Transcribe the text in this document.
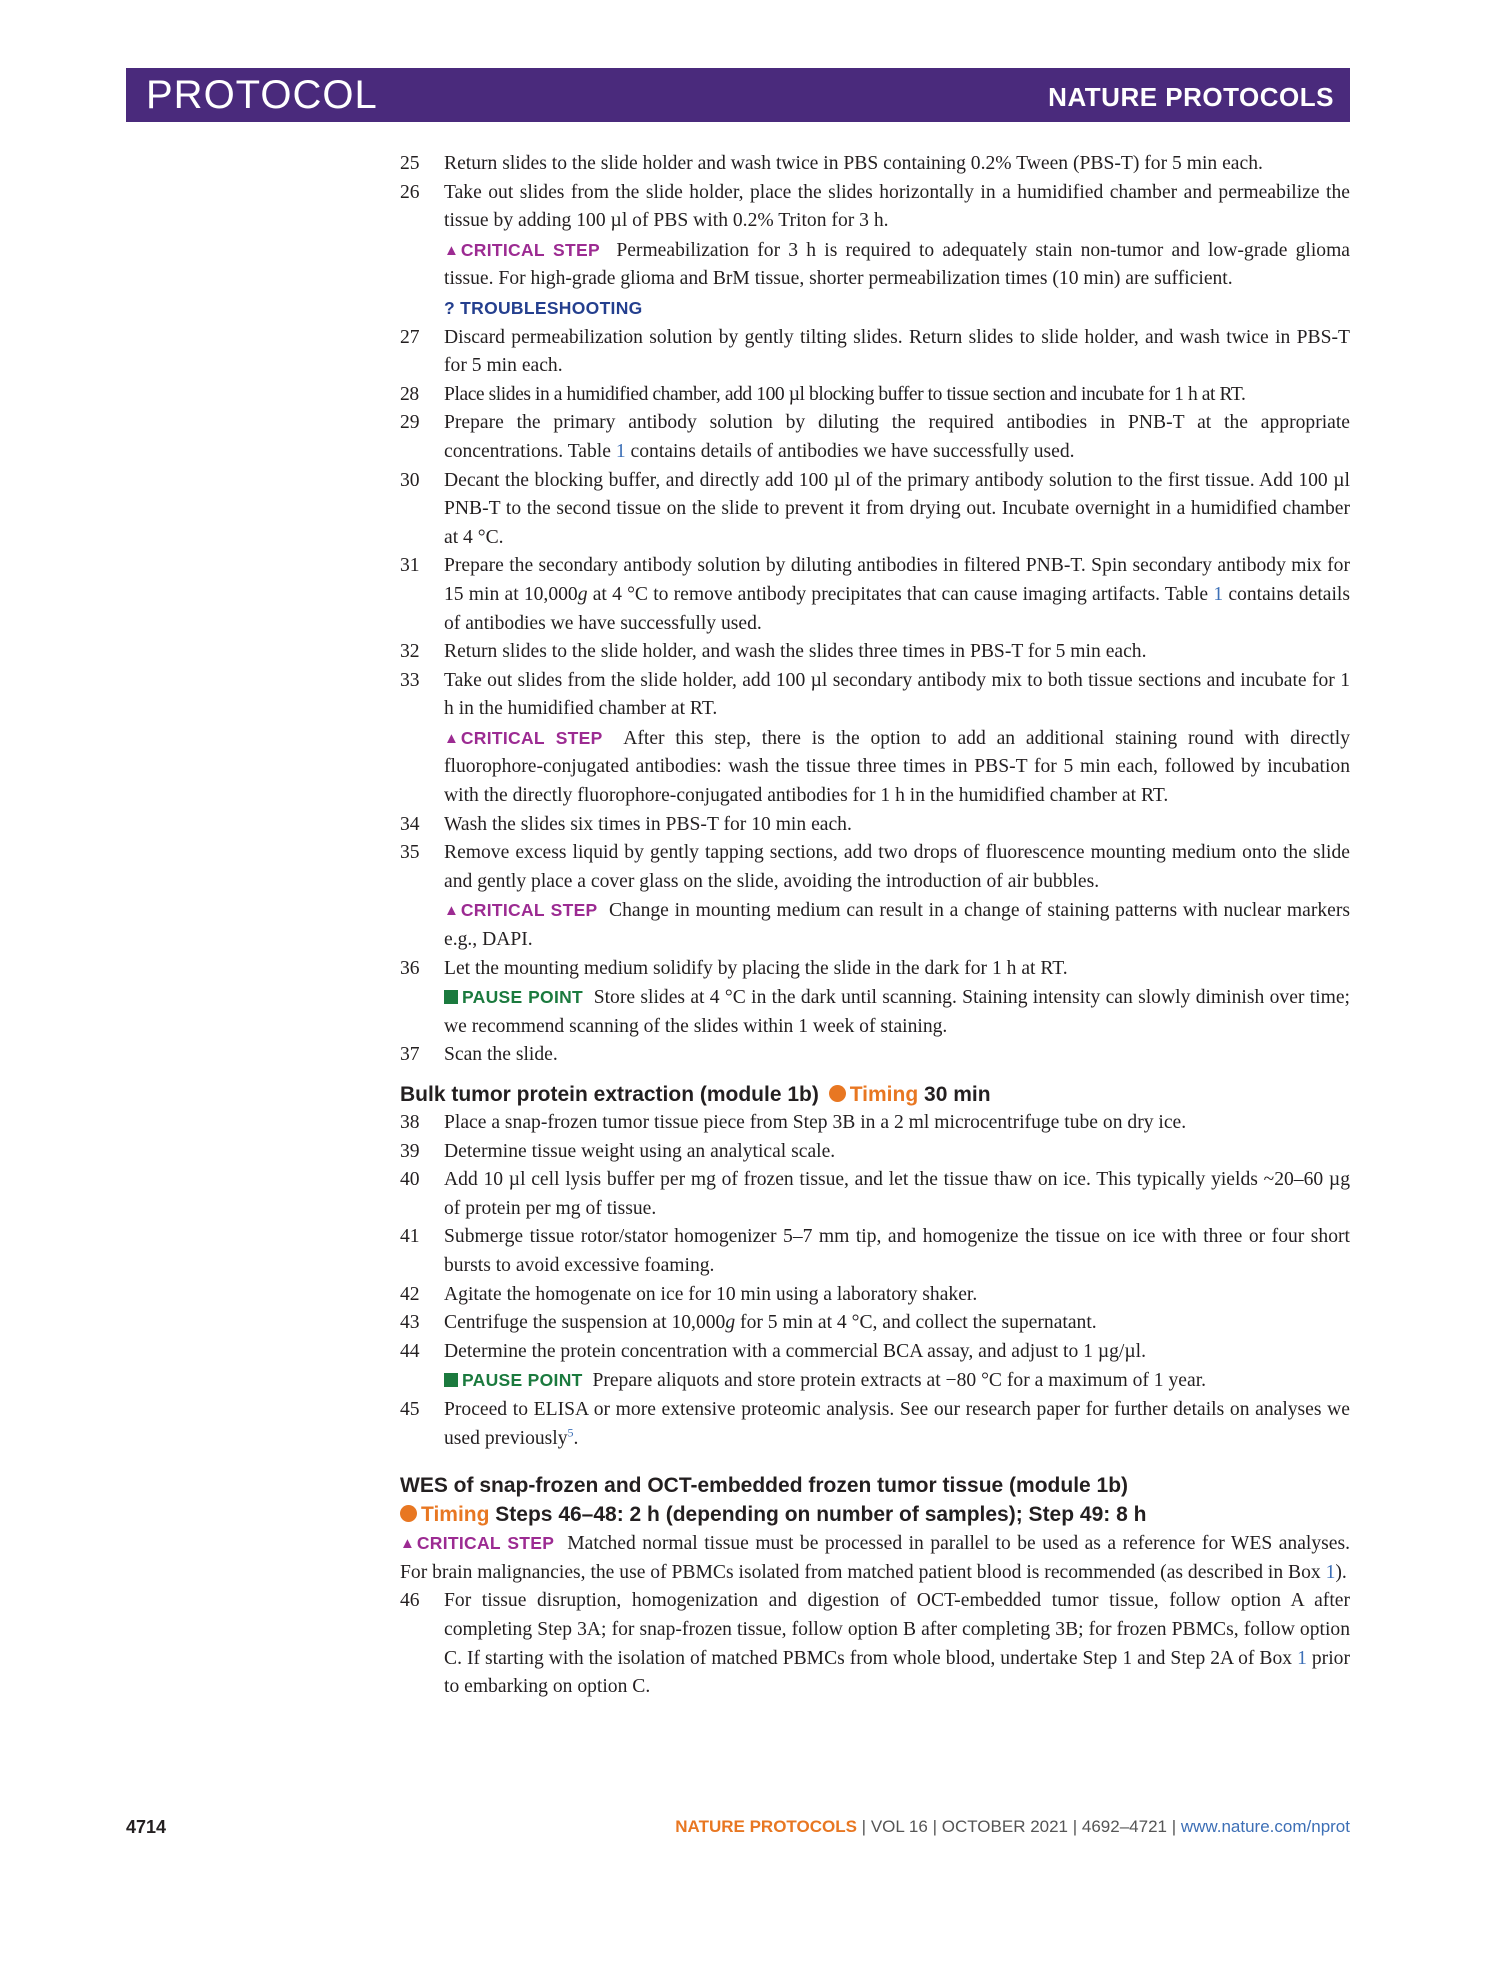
PROTOCOL	NATURE PROTOCOLS
25 Return slides to the slide holder and wash twice in PBS containing 0.2% Tween (PBS-T) for 5 min each.
26 Take out slides from the slide holder, place the slides horizontally in a humidified chamber and permeabilize the tissue by adding 100 µl of PBS with 0.2% Triton for 3 h.
▲ CRITICAL STEP Permeabilization for 3 h is required to adequately stain non-tumor and low-grade glioma tissue. For high-grade glioma and BrM tissue, shorter permeabilization times (10 min) are sufficient.
? TROUBLESHOOTING
27 Discard permeabilization solution by gently tilting slides. Return slides to slide holder, and wash twice in PBS-T for 5 min each.
28 Place slides in a humidified chamber, add 100 µl blocking buffer to tissue section and incubate for 1 h at RT.
29 Prepare the primary antibody solution by diluting the required antibodies in PNB-T at the appropriate concentrations. Table 1 contains details of antibodies we have successfully used.
30 Decant the blocking buffer, and directly add 100 µl of the primary antibody solution to the first tissue. Add 100 µl PNB-T to the second tissue on the slide to prevent it from drying out. Incubate overnight in a humidified chamber at 4 °C.
31 Prepare the secondary antibody solution by diluting antibodies in filtered PNB-T. Spin secondary antibody mix for 15 min at 10,000g at 4 °C to remove antibody precipitates that can cause imaging artifacts. Table 1 contains details of antibodies we have successfully used.
32 Return slides to the slide holder, and wash the slides three times in PBS-T for 5 min each.
33 Take out slides from the slide holder, add 100 µl secondary antibody mix to both tissue sections and incubate for 1 h in the humidified chamber at RT.
▲ CRITICAL STEP After this step, there is the option to add an additional staining round with directly fluorophore-conjugated antibodies: wash the tissue three times in PBS-T for 5 min each, followed by incubation with the directly fluorophore-conjugated antibodies for 1 h in the humidified chamber at RT.
34 Wash the slides six times in PBS-T for 10 min each.
35 Remove excess liquid by gently tapping sections, add two drops of fluorescence mounting medium onto the slide and gently place a cover glass on the slide, avoiding the introduction of air bubbles.
▲ CRITICAL STEP Change in mounting medium can result in a change of staining patterns with nuclear markers e.g., DAPI.
36 Let the mounting medium solidify by placing the slide in the dark for 1 h at RT.
PAUSE POINT Store slides at 4 °C in the dark until scanning. Staining intensity can slowly diminish over time; we recommend scanning of the slides within 1 week of staining.
37 Scan the slide.
Bulk tumor protein extraction (module 1b) Timing 30 min
38 Place a snap-frozen tumor tissue piece from Step 3B in a 2 ml microcentrifuge tube on dry ice.
39 Determine tissue weight using an analytical scale.
40 Add 10 µl cell lysis buffer per mg of frozen tissue, and let the tissue thaw on ice. This typically yields ~20–60 µg of protein per mg of tissue.
41 Submerge tissue rotor/stator homogenizer 5–7 mm tip, and homogenize the tissue on ice with three or four short bursts to avoid excessive foaming.
42 Agitate the homogenate on ice for 10 min using a laboratory shaker.
43 Centrifuge the suspension at 10,000g for 5 min at 4 °C, and collect the supernatant.
44 Determine the protein concentration with a commercial BCA assay, and adjust to 1 µg/µl.
PAUSE POINT Prepare aliquots and store protein extracts at −80 °C for a maximum of 1 year.
45 Proceed to ELISA or more extensive proteomic analysis. See our research paper for further details on analyses we used previously$^5$.
WES of snap-frozen and OCT-embedded frozen tumor tissue (module 1b)
Timing Steps 46–48: 2 h (depending on number of samples); Step 49: 8 h
▲ CRITICAL STEP Matched normal tissue must be processed in parallel to be used as a reference for WES analyses. For brain malignancies, the use of PBMCs isolated from matched patient blood is recommended (as described in Box 1).
46 For tissue disruption, homogenization and digestion of OCT-embedded tumor tissue, follow option A after completing Step 3A; for snap-frozen tissue, follow option B after completing 3B; for frozen PBMCs, follow option C. If starting with the isolation of matched PBMCs from whole blood, undertake Step 1 and Step 2A of Box 1 prior to embarking on option C.
4714	NATURE PROTOCOLS | VOL 16 | OCTOBER 2021 | 4692–4721 | www.nature.com/nprot
